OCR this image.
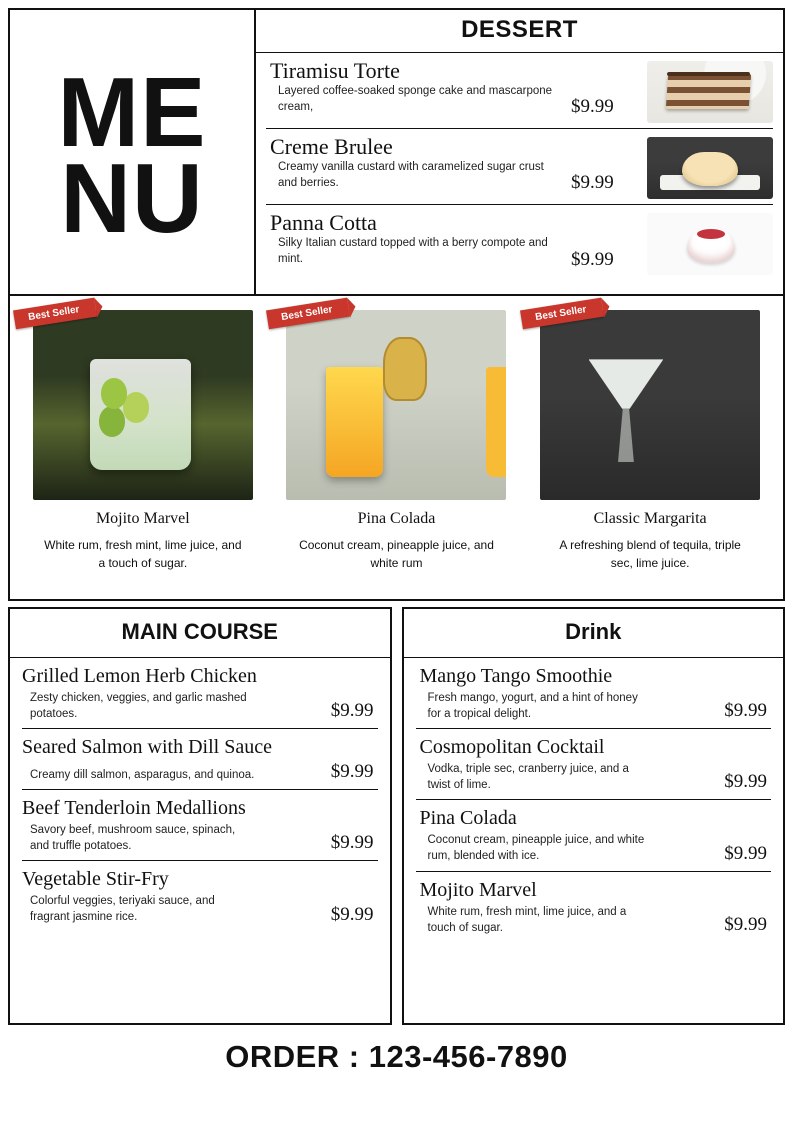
ME
NU
DESSERT
Tiramisu Torte
Layered coffee-soaked sponge cake and mascarpone cream,	$9.99
Creme Brulee
Creamy vanilla custard with caramelized sugar crust and berries.	$9.99
Panna Cotta
Silky Italian custard topped with a berry compote and mint.	$9.99
Best Seller
Mojito Marvel
White rum, fresh mint, lime juice, and a touch of sugar.
Best Seller
Pina Colada
Coconut cream, pineapple juice, and white rum
Best Seller
Classic Margarita
A refreshing blend of tequila, triple sec, lime juice.
MAIN COURSE
Grilled Lemon Herb Chicken
Zesty chicken, veggies, and garlic mashed potatoes.	$9.99
Seared Salmon with Dill Sauce
Creamy dill salmon, asparagus, and quinoa.	$9.99
Beef Tenderloin Medallions
Savory beef, mushroom sauce, spinach, and truffle potatoes.	$9.99
Vegetable Stir-Fry
Colorful veggies, teriyaki sauce, and fragrant jasmine rice.	$9.99
Drink
Mango Tango Smoothie
Fresh mango, yogurt, and a hint of honey for a tropical delight.	$9.99
Cosmopolitan Cocktail
Vodka, triple sec, cranberry juice, and a twist of lime.	$9.99
Pina Colada
Coconut cream, pineapple juice, and white rum, blended with ice.	$9.99
Mojito Marvel
White rum, fresh mint, lime juice, and a touch of sugar.	$9.99
ORDER : 123-456-7890
